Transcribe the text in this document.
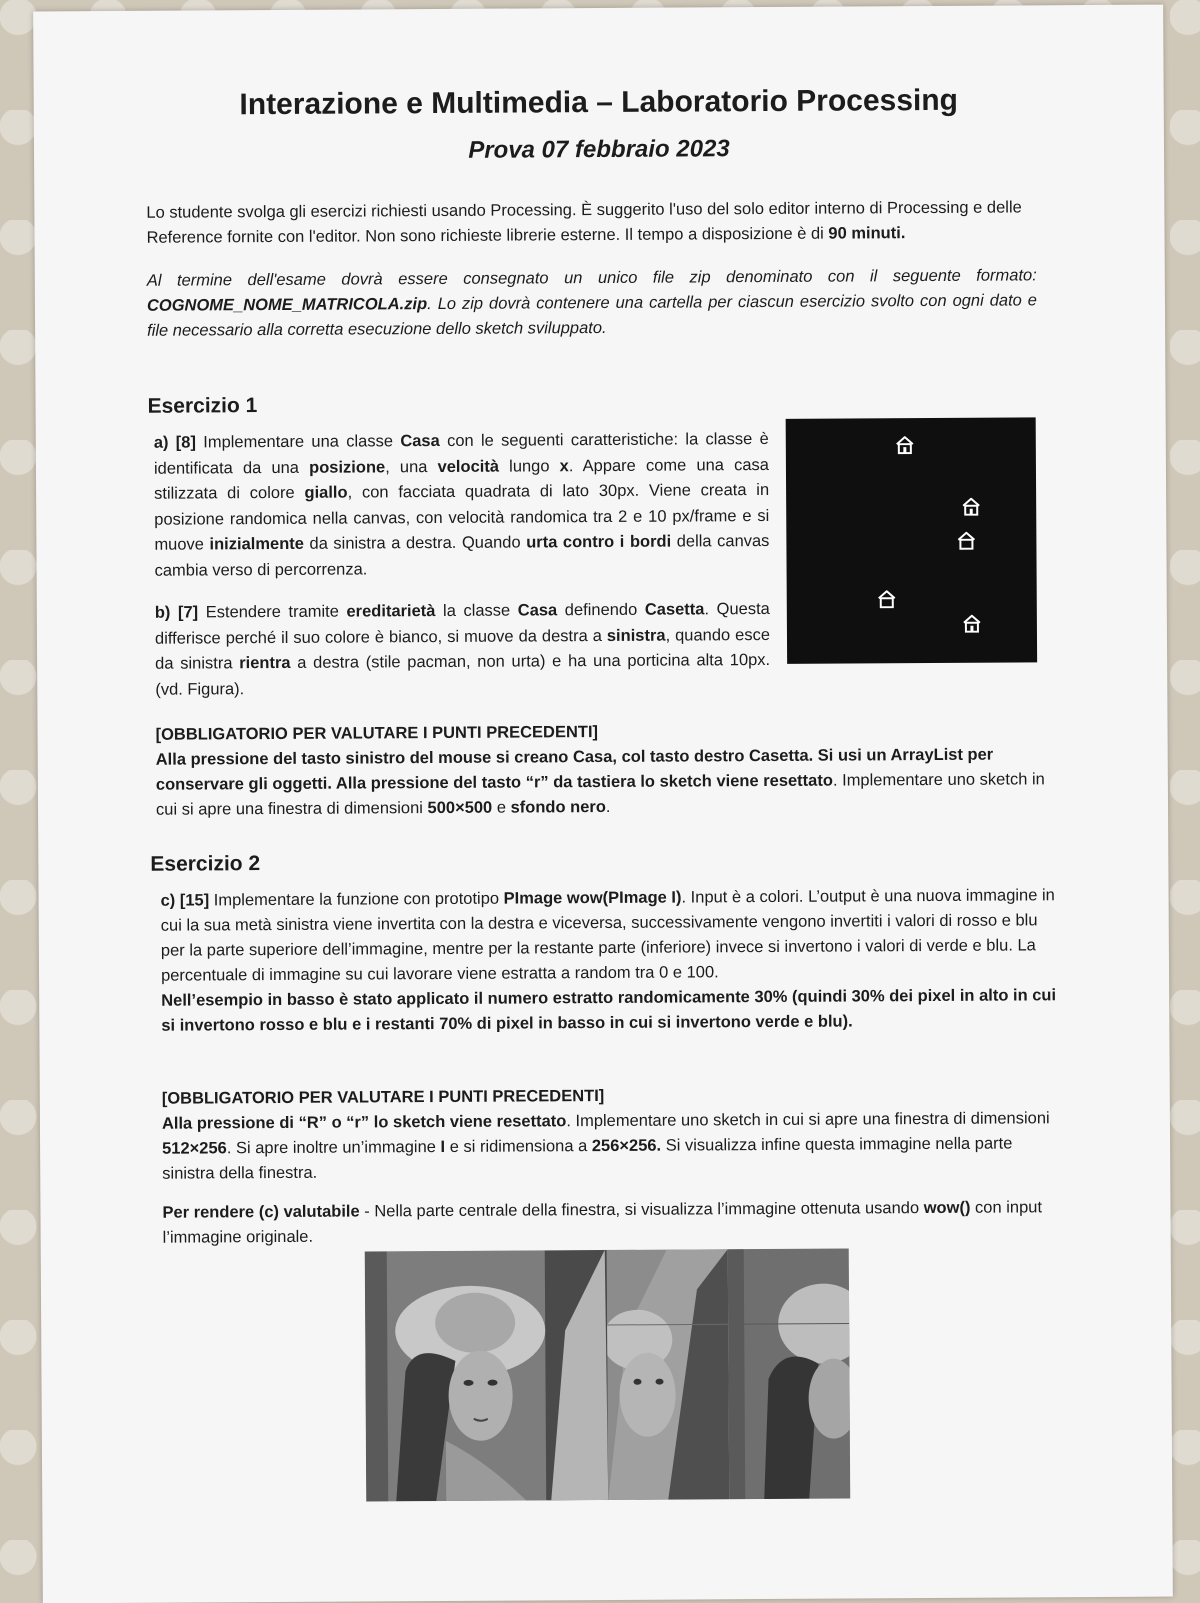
Interazione e Multimedia – Laboratorio Processing
Prova 07 febbraio 2023

Lo studente svolga gli esercizi richiesti usando Processing. È suggerito l'uso del solo editor interno di Processing e delle Reference fornite con l'editor. Non sono richieste librerie esterne. Il tempo a disposizione è di 90 minuti.

Al termine dell'esame dovrà essere consegnato un unico file zip denominato con il seguente formato: COGNOME_NOME_MATRICOLA.zip. Lo zip dovrà contenere una cartella per ciascun esercizio svolto con ogni dato e file necessario alla corretta esecuzione dello sketch sviluppato.

Esercizio 1

a) [8] Implementare una classe Casa con le seguenti caratteristiche: la classe è identificata da una posizione, una velocità lungo x. Appare come una casa stilizzata di colore giallo, con facciata quadrata di lato 30px. Viene creata in posizione randomica nella canvas, con velocità randomica tra 2 e 10 px/frame e si muove inizialmente da sinistra a destra. Quando urta contro i bordi della canvas cambia verso di percorrenza.

b) [7] Estendere tramite ereditarietà la classe Casa definendo Casetta. Questa differisce perché il suo colore è bianco, si muove da destra a sinistra, quando esce da sinistra rientra a destra (stile pacman, non urta) e ha una porticina alta 10px. (vd. Figura).

[OBBLIGATORIO PER VALUTARE I PUNTI PRECEDENTI]
Alla pressione del tasto sinistro del mouse si creano Casa, col tasto destro Casetta. Si usi un ArrayList per conservare gli oggetti. Alla pressione del tasto “r” da tastiera lo sketch viene resettato. Implementare uno sketch in cui si apre una finestra di dimensioni 500×500 e sfondo nero.

Esercizio 2

c) [15] Implementare la funzione con prototipo PImage wow(PImage I). Input è a colori. L’output è una nuova immagine in cui la sua metà sinistra viene invertita con la destra e viceversa, successivamente vengono invertiti i valori di rosso e blu per la parte superiore dell’immagine, mentre per la restante parte (inferiore) invece si invertono i valori di verde e blu. La percentuale di immagine su cui lavorare viene estratta a random tra 0 e 100.
Nell’esempio in basso è stato applicato il numero estratto randomicamente 30% (quindi 30% dei pixel in alto in cui si invertono rosso e blu e i restanti 70% di pixel in basso in cui si invertono verde e blu).

[OBBLIGATORIO PER VALUTARE I PUNTI PRECEDENTI]
Alla pressione di “R” o “r” lo sketch viene resettato. Implementare uno sketch in cui si apre una finestra di dimensioni 512×256. Si apre inoltre un’immagine I e si ridimensiona a 256×256. Si visualizza infine questa immagine nella parte sinistra della finestra.

Per rendere (c) valutabile - Nella parte centrale della finestra, si visualizza l’immagine ottenuta usando wow() con input l’immagine originale.
